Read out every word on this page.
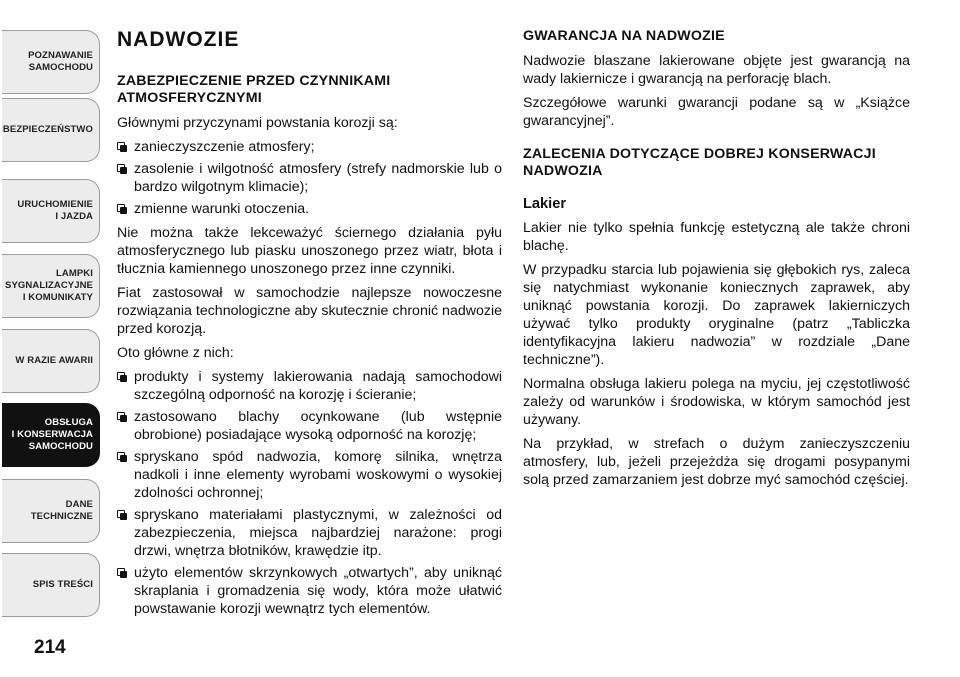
POZNAWANIE
SAMOCHODU
BEZPIECZEŃSTWO
URUCHOMIENIE
I JAZDA
LAMPKI
SYGNALIZACYJNE
I KOMUNIKATY
W RAZIE AWARII
OBSŁUGA
I KONSERWACJA
SAMOCHODU
DANE
TECHNICZNE
SPIS TREŚCI
214
NADWOZIE
ZABEZPIECZENIE PRZED CZYNNIKAMI ATMOSFERYCZNYMI

Głównymi przyczynami powstania korozji są:

zanieczyszczenie atmosfery;
zasolenie i wilgotność atmosfery (strefy nadmorskie lub o bardzo wilgotnym klimacie);
zmienne warunki otoczenia.

Nie można także lekceważyć ściernego działania pyłu atmosferycznego lub piasku unoszonego przez wiatr, błota i tłucznia kamiennego unoszonego przez inne czynniki.

Fiat zastosował w samochodzie najlepsze nowoczesne rozwiązania technologiczne aby skutecznie chronić nadwozie przed korozją.

Oto główne z nich:

produkty i systemy lakierowania nadają samochodowi szczególną odporność na korozję i ścieranie;
zastosowano blachy ocynkowane (lub wstępnie obrobione) posiadające wysoką odporność na korozję;
spryskano spód nadwozia, komorę silnika, wnętrza nadkoli i inne elementy wyrobami woskowymi o wysokiej zdolności ochronnej;
spryskano materiałami plastycznymi, w zależności od zabezpieczenia, miejsca najbardziej narażone: progi drzwi, wnętrza błotników, krawędzie itp.
użyto elementów skrzynkowych „otwartych”, aby uniknąć skraplania i gromadzenia się wody, która może ułatwić powstawanie korozji wewnątrz tych elementów.
GWARANCJA NA NADWOZIE

Nadwozie blaszane lakierowane objęte jest gwarancją na wady lakiernicze i gwarancją na perforację blach.

Szczegółowe warunki gwarancji podane są w „Książce gwarancyjnej”.

ZALECENIA DOTYCZĄCE DOBREJ KONSERWACJI NADWOZIA
Lakier

Lakier nie tylko spełnia funkcję estetyczną ale także chroni blachę.

W przypadku starcia lub pojawienia się głębokich rys, zaleca się natychmiast wykonanie koniecznych zaprawek, aby uniknąć powstania korozji. Do zaprawek lakierniczych używać tylko produkty oryginalne (patrz „Tabliczka identyfikacyjna lakieru nadwozia” w rozdziale „Dane techniczne”).

Normalna obsługa lakieru polega na myciu, jej częstotliwość zależy od warunków i środowiska, w którym samochód jest używany.

Na przykład, w strefach o dużym zanieczyszczeniu atmosfery, lub, jeżeli przejeżdża się drogami posypanymi solą przed zamarzaniem jest dobrze myć samochód częściej.
